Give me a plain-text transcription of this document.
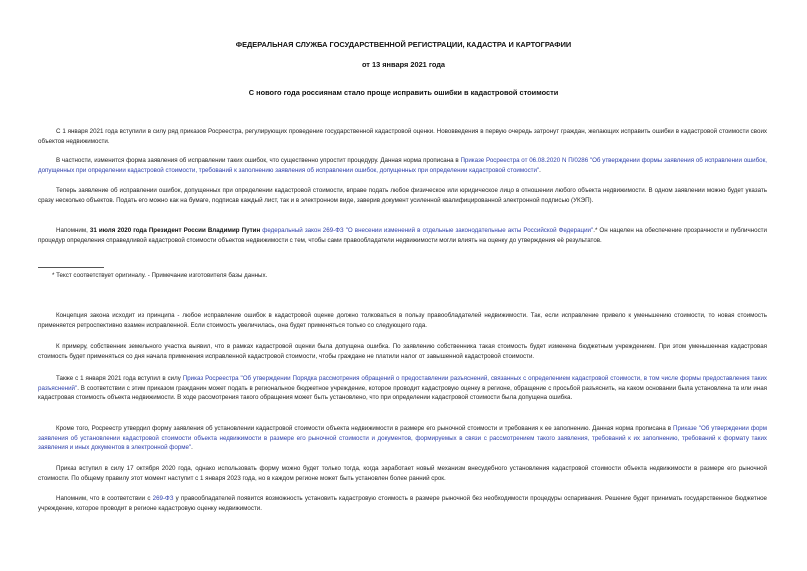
ФЕДЕРАЛЬНАЯ СЛУЖБА ГОСУДАРСТВЕННОЙ РЕГИСТРАЦИИ, КАДАСТРА И КАРТОГРАФИИ
от 13 января 2021 года
С нового года россиянам стало проще исправить ошибки в кадастровой стоимости

С 1 января 2021 года вступили в силу ряд приказов Росреестра, регулирующих проведение государственной кадастровой оценки. Нововведения в первую очередь затронут граждан, желающих исправить ошибки в кадастровой стоимости своих объектов недвижимости.

В частности, изменится форма заявления об исправлении таких ошибок, что существенно упростит процедуру. Данная норма прописана в Приказе Росреестра от 06.08.2020 N П/0286 "Об утверждении формы заявления об исправлении ошибок, допущенных при определении кадастровой стоимости, требований к заполнению заявления об исправлении ошибок, допущенных при определении кадастровой стоимости".

Теперь заявление об исправлении ошибок, допущенных при определении кадастровой стоимости, вправе подать любое физическое или юридическое лицо в отношении любого объекта недвижимости. В одном заявлении можно будет указать сразу несколько объектов. Подать его можно как на бумаге, подписав каждый лист, так и в электронном виде, заверив документ усиленной квалифицированной электронной подписью (УКЭП).

Напомним, 31 июля 2020 года Президент России Владимир Путин федеральный закон 269-ФЗ "О внесении изменений в отдельные законодательные акты Российской Федерации".* Он нацелен на обеспечение прозрачности и публичности процедур определения справедливой кадастровой стоимости объектов недвижимости с тем, чтобы сами правообладатели недвижимости могли влиять на оценку до утверждения её результатов.

* Текст соответствует оригиналу. - Примечание изготовителя базы данных.

Концепция закона исходит из принципа - любое исправление ошибок в кадастровой оценке должно толковаться в пользу правообладателей недвижимости. Так, если исправление привело к уменьшению стоимости, то новая стоимость применяется ретроспективно взамен исправленной. Если стоимость увеличилась, она будет применяться только со следующего года.

К примеру, собственник земельного участка выявил, что в рамках кадастровой оценки была допущена ошибка. По заявлению собственника такая стоимость будет изменена бюджетным учреждением. При этом уменьшенная кадастровая стоимость будет применяться со дня начала применения исправленной кадастровой стоимости, чтобы граждане не платили налог от завышенной кадастровой стоимости.

Также с 1 января 2021 года вступил в силу Приказ Росреестра "Об утверждении Порядка рассмотрения обращений о предоставлении разъяснений, связанных с определением кадастровой стоимости, в том числе формы предоставления таких разъяснений". В соответствии с этим приказом гражданин может подать в региональное бюджетное учреждение, которое проводит кадастровую оценку в регионе, обращение с просьбой разъяснить, на каком основании была установлена та или иная кадастровая стоимость объекта недвижимости. В ходе рассмотрения такого обращения может быть установлено, что при определении кадастровой стоимости была допущена ошибка.

Кроме того, Росреестр утвердил форму заявления об установлении кадастровой стоимости объекта недвижимости в размере его рыночной стоимости и требования к ее заполнению. Данная норма прописана в Приказе "Об утверждении форм заявления об установлении кадастровой стоимости объекта недвижимости в размере его рыночной стоимости и документов, формируемых в связи с рассмотрением такого заявления, требований к их заполнению, требований к формату таких заявления и иных документов в электронной форме".

Приказ вступил в силу 17 октября 2020 года, однако использовать форму можно будет только тогда, когда заработает новый механизм внесудебного установления кадастровой стоимости объекта недвижимости в размере его рыночной стоимости. По общему правилу этот момент наступит с 1 января 2023 года, но в каждом регионе может быть установлен более ранний срок.

Напомним, что в соответствии с 269-ФЗ у правообладателей появится возможность установить кадастровую стоимость в размере рыночной без необходимости процедуры оспаривания. Решение будет принимать государственное бюджетное учреждение, которое проводит в регионе кадастровую оценку недвижимости.
